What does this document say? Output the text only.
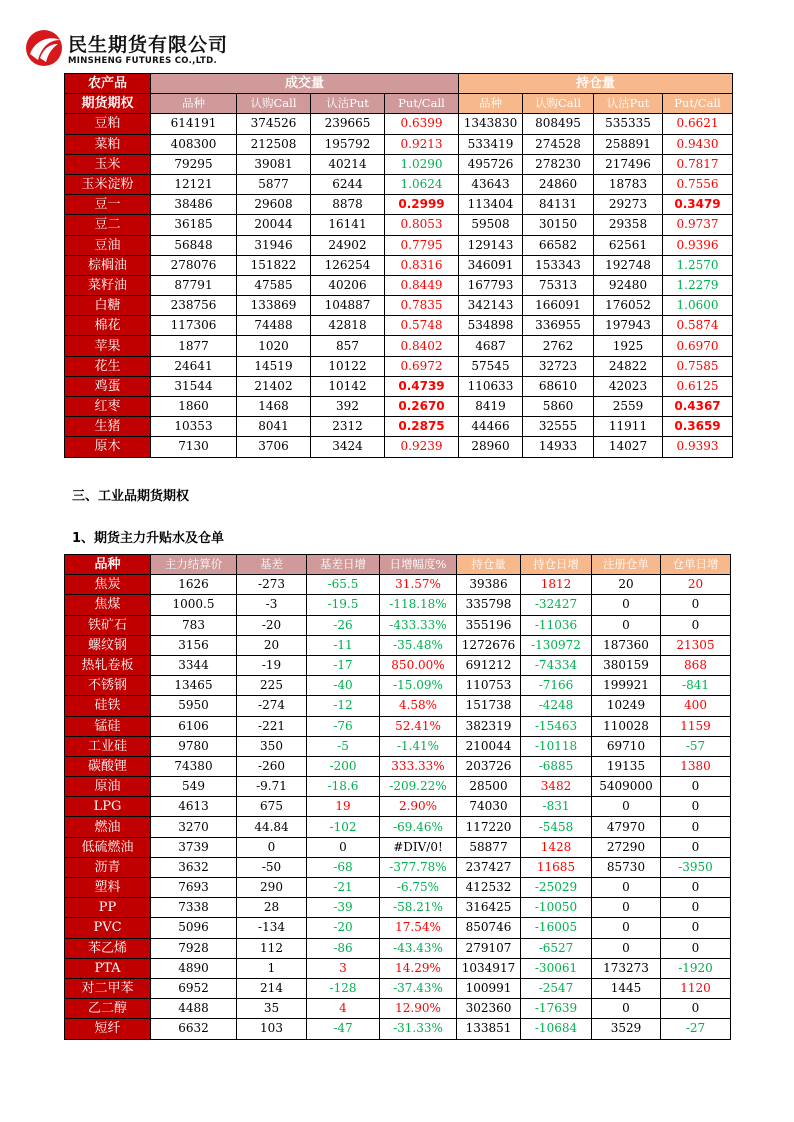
民生期货有限公司
MINSHENG FUTURES CO.,LTD.
农产品	成交量				持仓量			
期货期权	品种	认购Call	认沽Put	Put/Call	品种	认购Call	认沽Put	Put/Call
豆粕	614191	374526	239665	0.6399	1343830	808495	535335	0.6621
菜粕	408300	212508	195792	0.9213	533419	274528	258891	0.9430
玉米	79295	39081	40214	1.0290	495726	278230	217496	0.7817
玉米淀粉	12121	5877	6244	1.0624	43643	24860	18783	0.7556
豆一	38486	29608	8878	0.2999	113404	84131	29273	0.3479
豆二	36185	20044	16141	0.8053	59508	30150	29358	0.9737
豆油	56848	31946	24902	0.7795	129143	66582	62561	0.9396
棕榈油	278076	151822	126254	0.8316	346091	153343	192748	1.2570
菜籽油	87791	47585	40206	0.8449	167793	75313	92480	1.2279
白糖	238756	133869	104887	0.7835	342143	166091	176052	1.0600
棉花	117306	74488	42818	0.5748	534898	336955	197943	0.5874
苹果	1877	1020	857	0.8402	4687	2762	1925	0.6970
花生	24641	14519	10122	0.6972	57545	32723	24822	0.7585
鸡蛋	31544	21402	10142	0.4739	110633	68610	42023	0.6125
红枣	1860	1468	392	0.2670	8419	5860	2559	0.4367
生猪	10353	8041	2312	0.2875	44466	32555	11911	0.3659
原木	7130	3706	3424	0.9239	28960	14933	14027	0.9393
三、工业品期货期权
1、期货主力升贴水及仓单
品种	主力结算价	基差	基差日增	日增幅度%	持仓量	持仓日增	注册仓单	仓单日增
焦炭	1626	-273	-65.5	31.57%	39386	1812	20	20
焦煤	1000.5	-3	-19.5	-118.18%	335798	-32427	0	0
铁矿石	783	-20	-26	-433.33%	355196	-11036	0	0
螺纹钢	3156	20	-11	-35.48%	1272676	-130972	187360	21305
热轧卷板	3344	-19	-17	850.00%	691212	-74334	380159	868
不锈钢	13465	225	-40	-15.09%	110753	-7166	199921	-841
硅铁	5950	-274	-12	4.58%	151738	-4248	10249	400
锰硅	6106	-221	-76	52.41%	382319	-15463	110028	1159
工业硅	9780	350	-5	-1.41%	210044	-10118	69710	-57
碳酸锂	74380	-260	-200	333.33%	203726	-6885	19135	1380
原油	549	-9.71	-18.6	-209.22%	28500	3482	5409000	0
LPG	4613	675	19	2.90%	74030	-831	0	0
燃油	3270	44.84	-102	-69.46%	117220	-5458	47970	0
低硫燃油	3739	0	0	#DIV/0!	58877	1428	27290	0
沥青	3632	-50	-68	-377.78%	237427	11685	85730	-3950
塑料	7693	290	-21	-6.75%	412532	-25029	0	0
PP	7338	28	-39	-58.21%	316425	-10050	0	0
PVC	5096	-134	-20	17.54%	850746	-16005	0	0
苯乙烯	7928	112	-86	-43.43%	279107	-6527	0	0
PTA	4890	1	3	14.29%	1034917	-30061	173273	-1920
对二甲苯	6952	214	-128	-37.43%	100991	-2547	1445	1120
乙二醇	4488	35	4	12.90%	302360	-17639	0	0
短纤	6632	103	-47	-31.33%	133851	-10684	3529	-27
